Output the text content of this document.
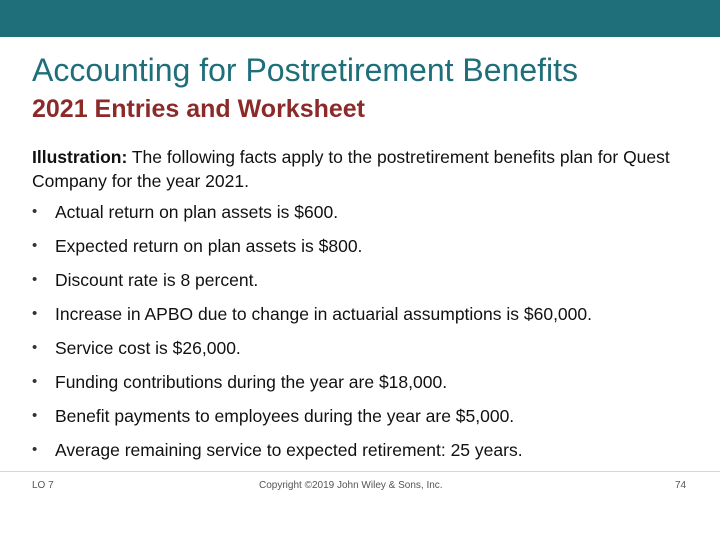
Accounting for Postretirement Benefits
2021 Entries and Worksheet
Illustration: The following facts apply to the postretirement benefits plan for Quest Company for the year 2021.
• Actual return on plan assets is $600.
• Expected return on plan assets is $800.
• Discount rate is 8 percent.
• Increase in APBO due to change in actuarial assumptions is $60,000.
• Service cost is $26,000.
• Funding contributions during the year are $18,000.
• Benefit payments to employees during the year are $5,000.
• Average remaining service to expected retirement: 25 years.
LO 7	Copyright ©2019 John Wiley & Sons, Inc.	74
